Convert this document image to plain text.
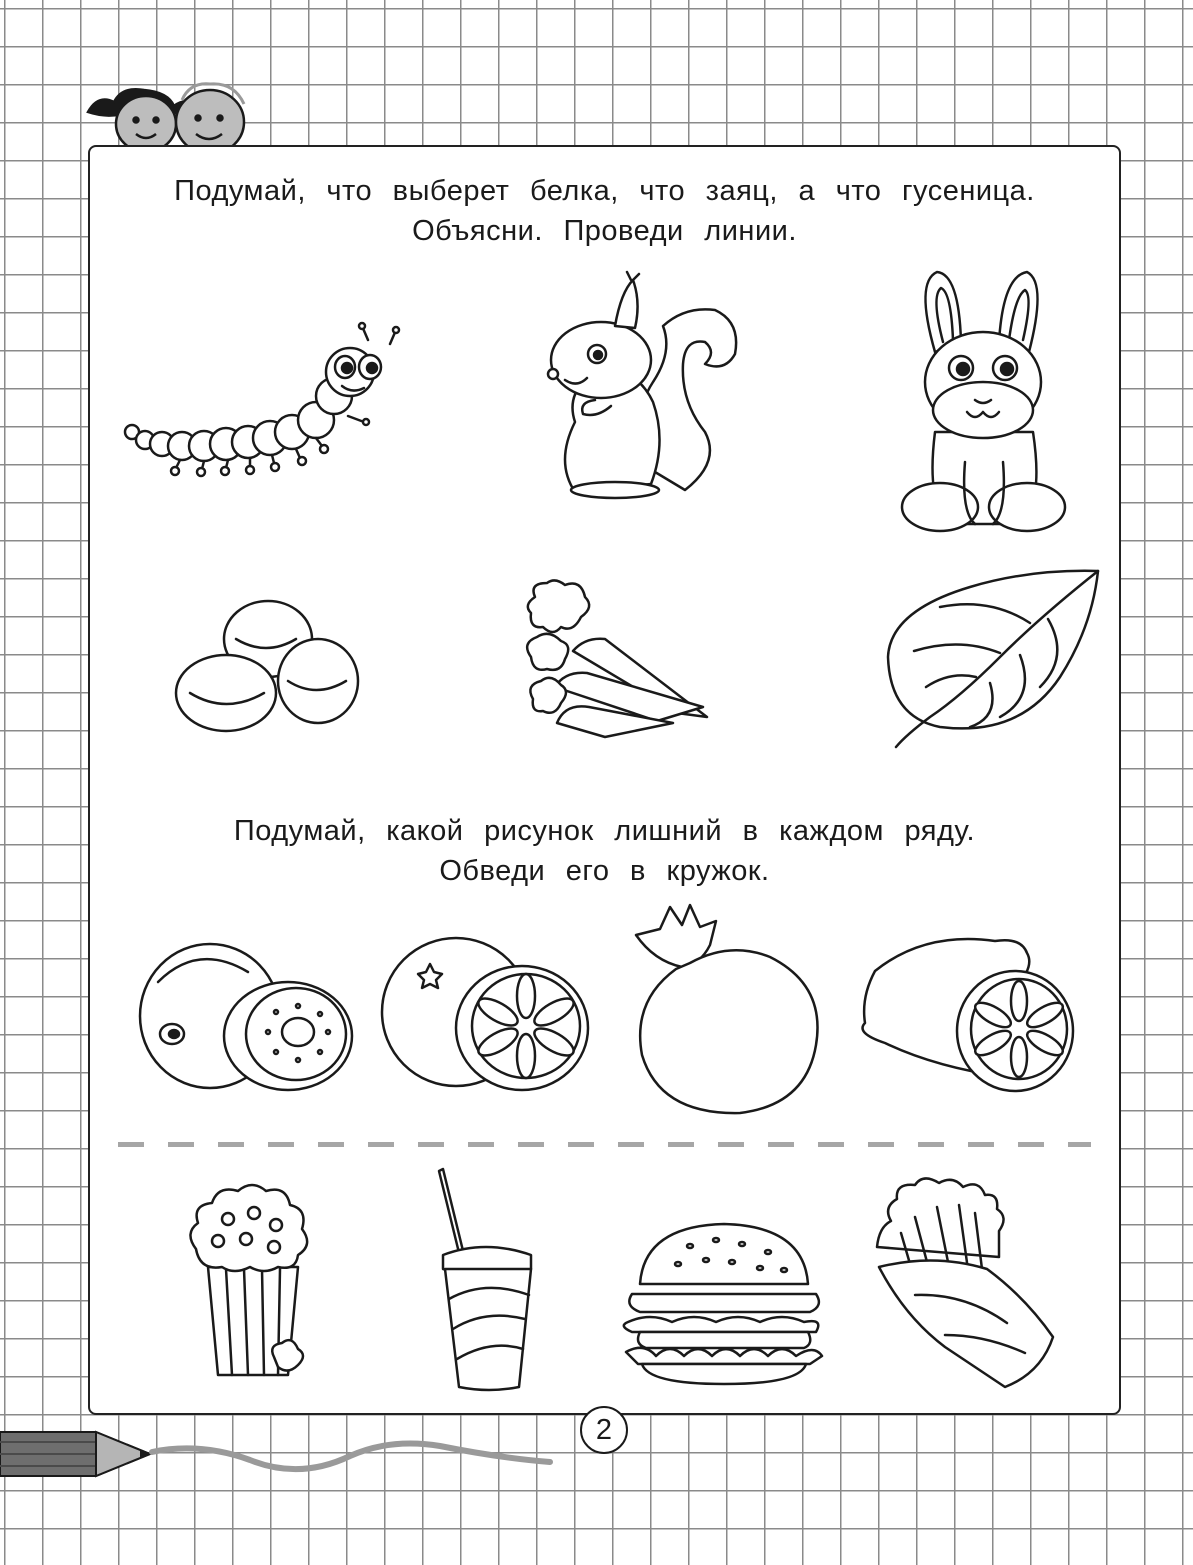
Подумай, что выберет белка, что заяц, а что гусеница.
Объясни. Проведи линии.
Подумай, какой рисунок лишний в каждом ряду.
Обведи его в кружок.
2
